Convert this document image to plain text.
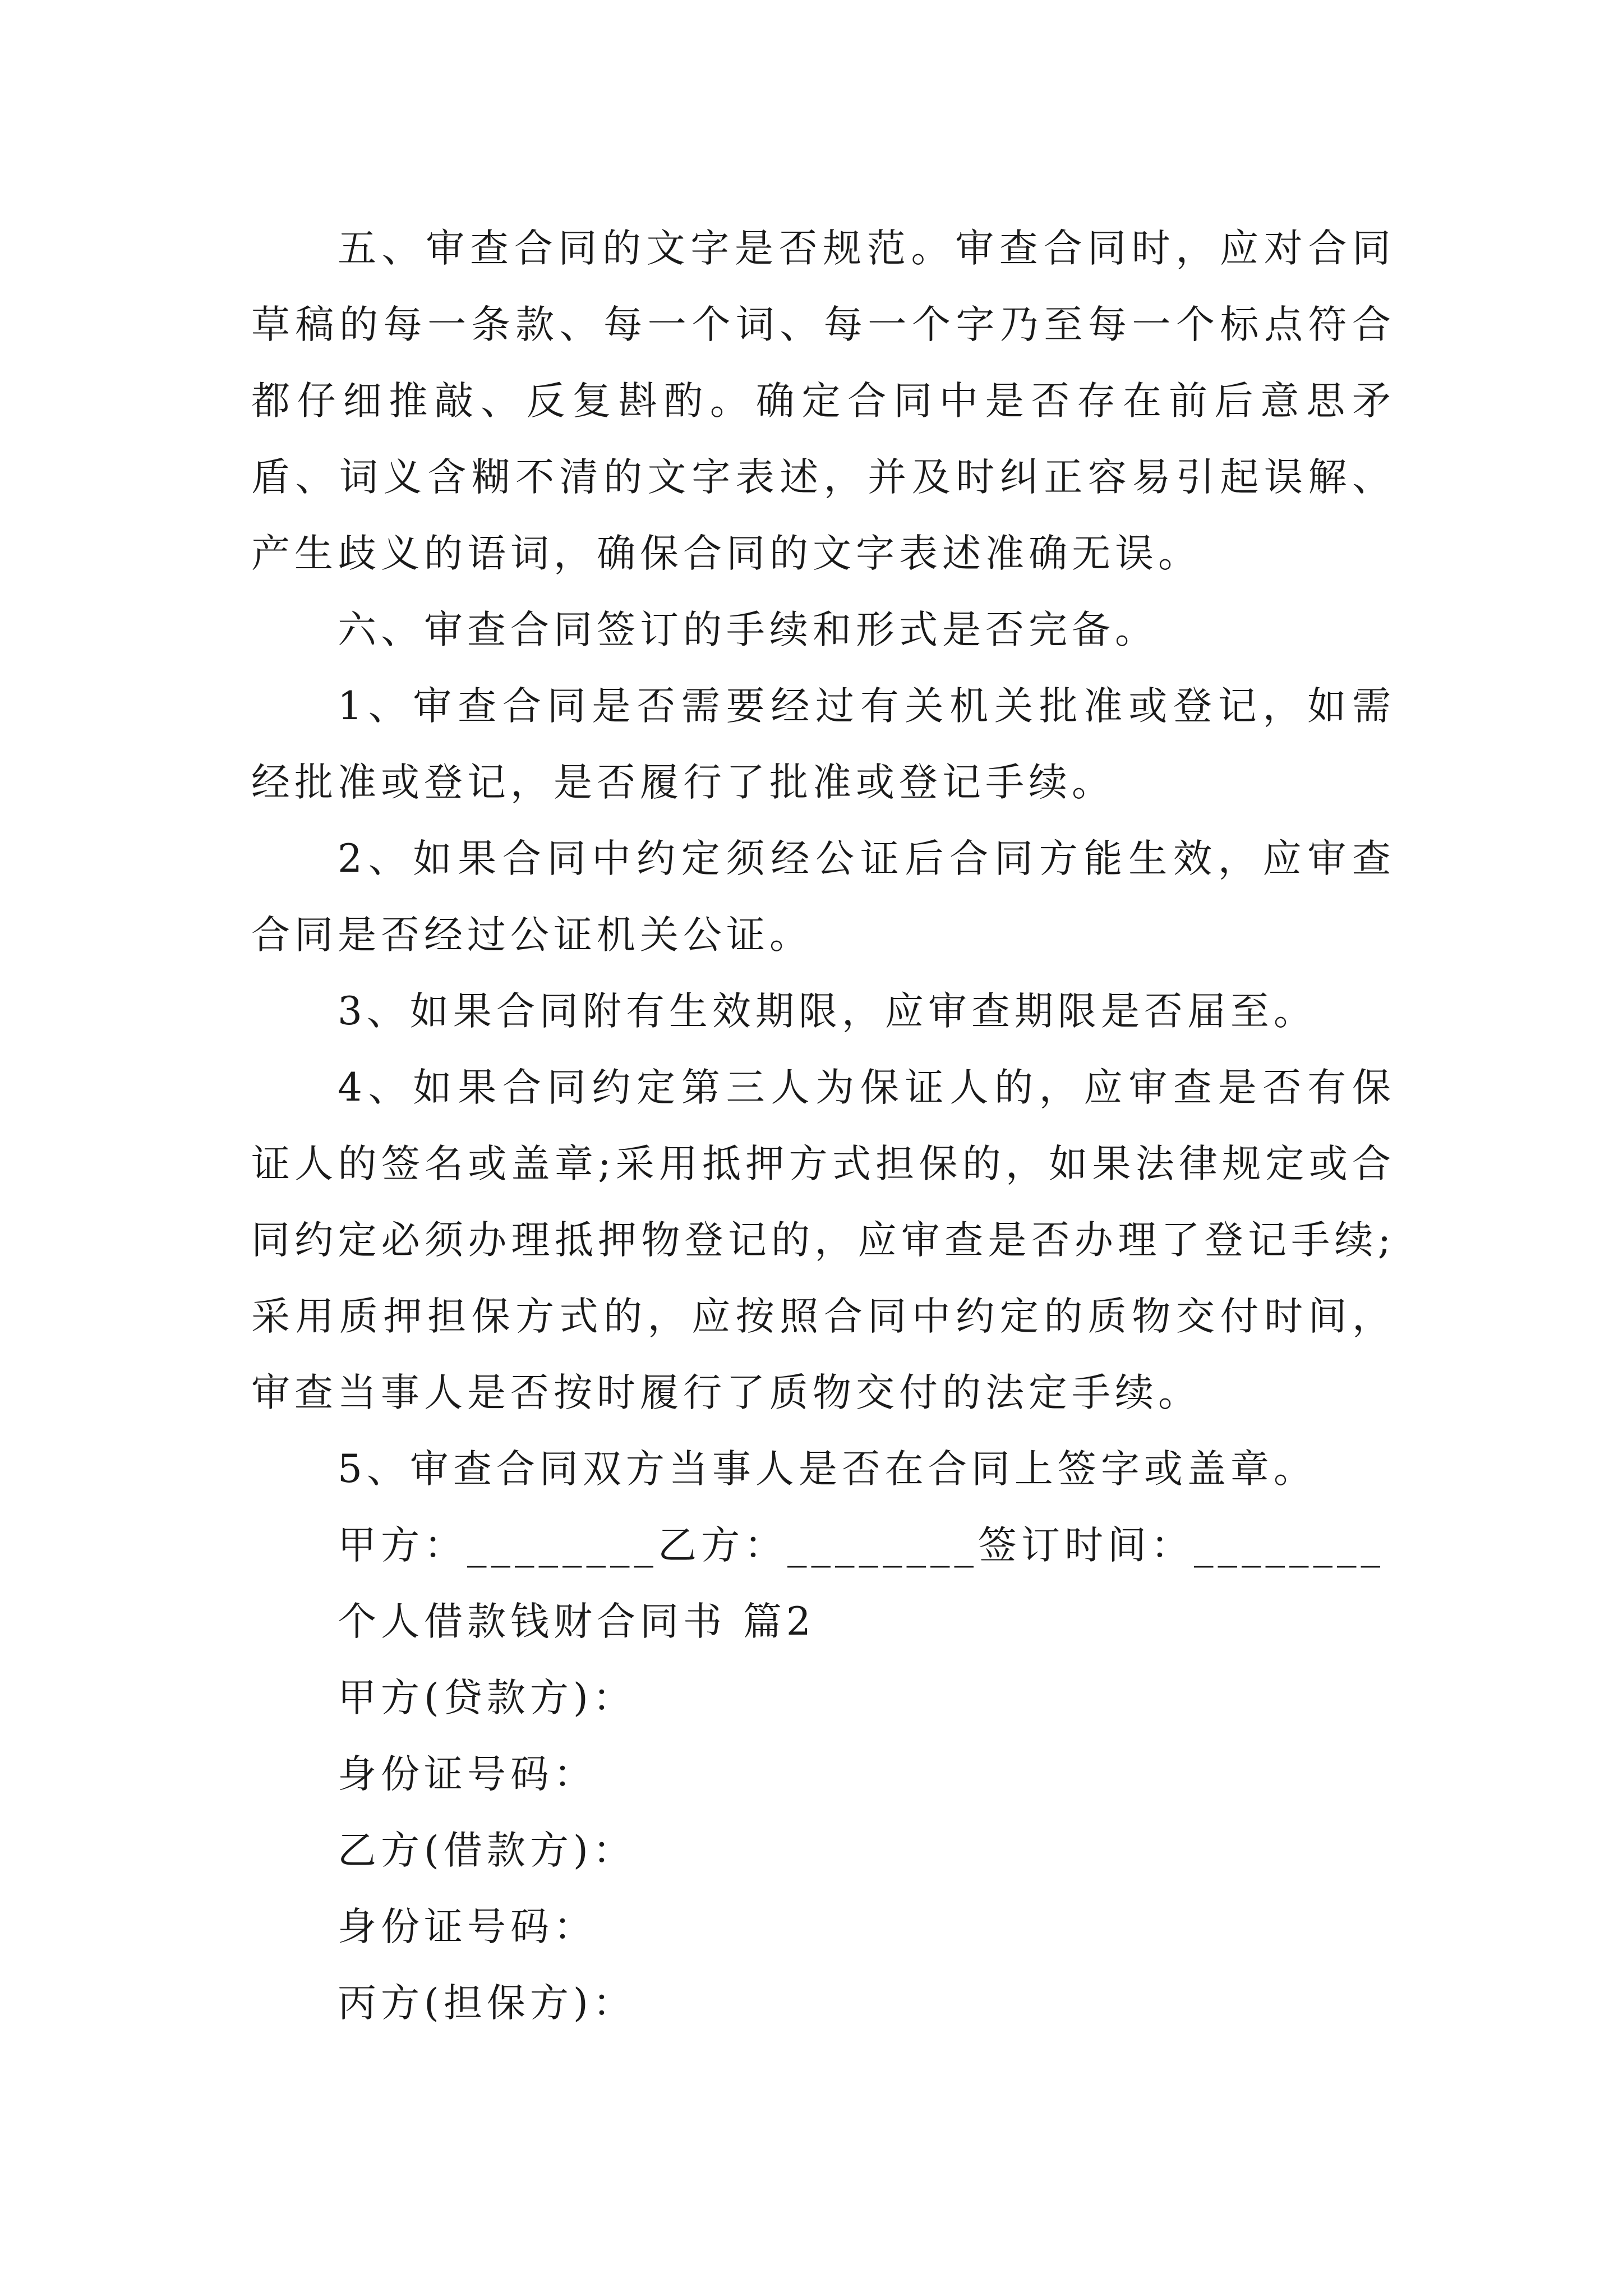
五、审查合同的文字是否规范。审查合同时，应对合同草稿的每一条款、每一个词、每一个字乃至每一个标点符合都仔细推敲、反复斟酌。确定合同中是否存在前后意思矛盾、词义含糊不清的文字表述，并及时纠正容易引起误解、产生歧义的语词，确保合同的文字表述准确无误。

六、审查合同签订的手续和形式是否完备。

1、审查合同是否需要经过有关机关批准或登记，如需经批准或登记，是否履行了批准或登记手续。

2、如果合同中约定须经公证后合同方能生效，应审查合同是否经过公证机关公证。

3、如果合同附有生效期限，应审查期限是否届至。

4、如果合同约定第三人为保证人的，应审查是否有保证人的签名或盖章;采用抵押方式担保的，如果法律规定或合同约定必须办理抵押物登记的，应审查是否办理了登记手续;采用质押担保方式的，应按照合同中约定的质物交付时间，审查当事人是否按时履行了质物交付的法定手续。

5、审查合同双方当事人是否在合同上签字或盖章。

甲方：________乙方：________签订时间：________

个人借款钱财合同书 篇2

甲方(贷款方)：

身份证号码：

乙方(借款方)：

身份证号码：

丙方(担保方)：
